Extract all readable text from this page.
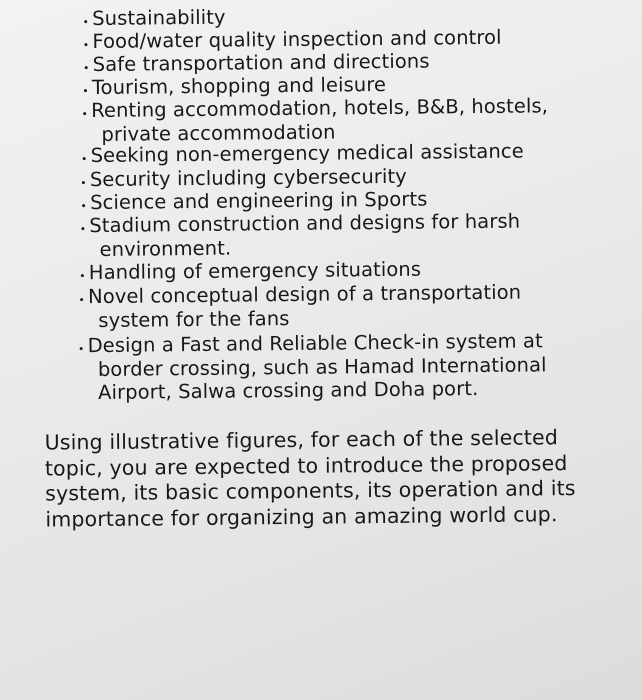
Sustainability
Food/water quality inspection and control
Safe transportation and directions
Tourism, shopping and leisure
Renting accommodation, hotels, B&B, hostels,
private accommodation
Seeking non-emergency medical assistance
Security including cybersecurity
Science and engineering in Sports
Stadium construction and designs for harsh
environment.
Handling of emergency situations
Novel conceptual design of a transportation
system for the fans
Design a Fast and Reliable Check-in system at
border crossing, such as Hamad International
Airport, Salwa crossing and Doha port.

Using illustrative figures, for each of the selected
topic, you are expected to introduce the proposed
system, its basic components, its operation and its
importance for organizing an amazing world cup.
